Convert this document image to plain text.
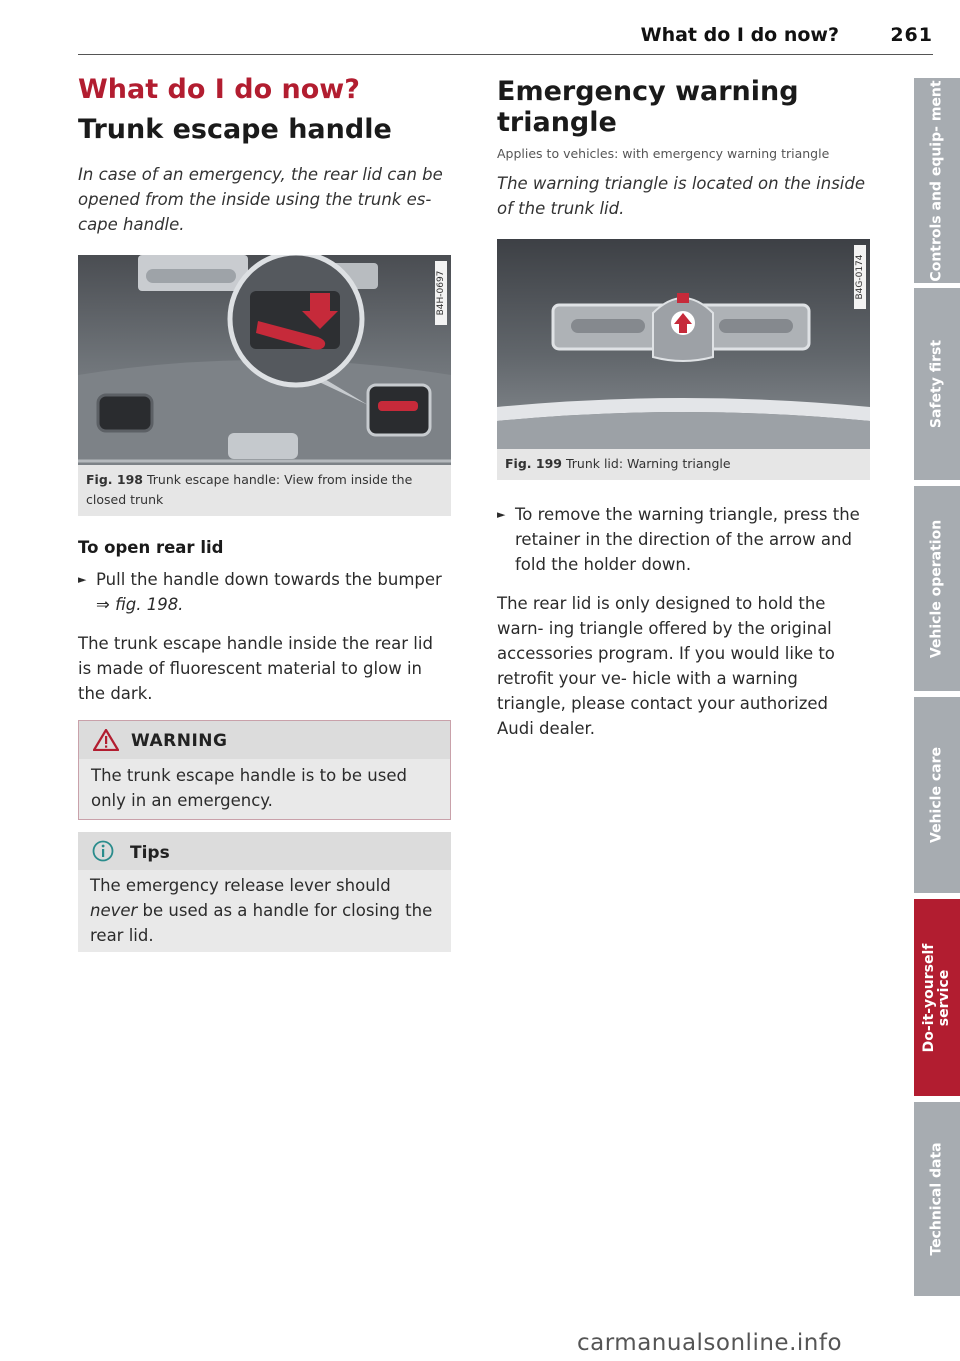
What do I do now?	261
What do I do now?
Trunk escape handle

In case of an emergency, the rear lid can be opened from the inside using the trunk es- cape handle.

B4H-0697
Fig. 198 Trunk escape handle: View from inside the closed trunk
To open rear lid
► Pull the handle down towards the bumper
⇒ fig. 198.
The trunk escape handle inside the rear lid is made of fluorescent material to glow in the dark.
WARNING
The trunk escape handle is to be used only in an emergency.
Tips
The emergency release lever should never be used as a handle for closing the rear lid.
Emergency warning triangle

Applies to vehicles: with emergency warning triangle

The warning triangle is located on the inside of the trunk lid.

B4G-0174
Fig. 199 Trunk lid: Warning triangle
► To remove the warning triangle, press the retainer in the direction of the arrow and fold the holder down.
The rear lid is only designed to hold the warn- ing triangle offered by the original accessories program. If you would like to retrofit your ve- hicle with a warning triangle, please contact your authorized Audi dealer.
Controls and equip- ment
Safety first
Vehicle operation
Vehicle care
Do-it-yourself service
Technical data
carmanualsonline.info
